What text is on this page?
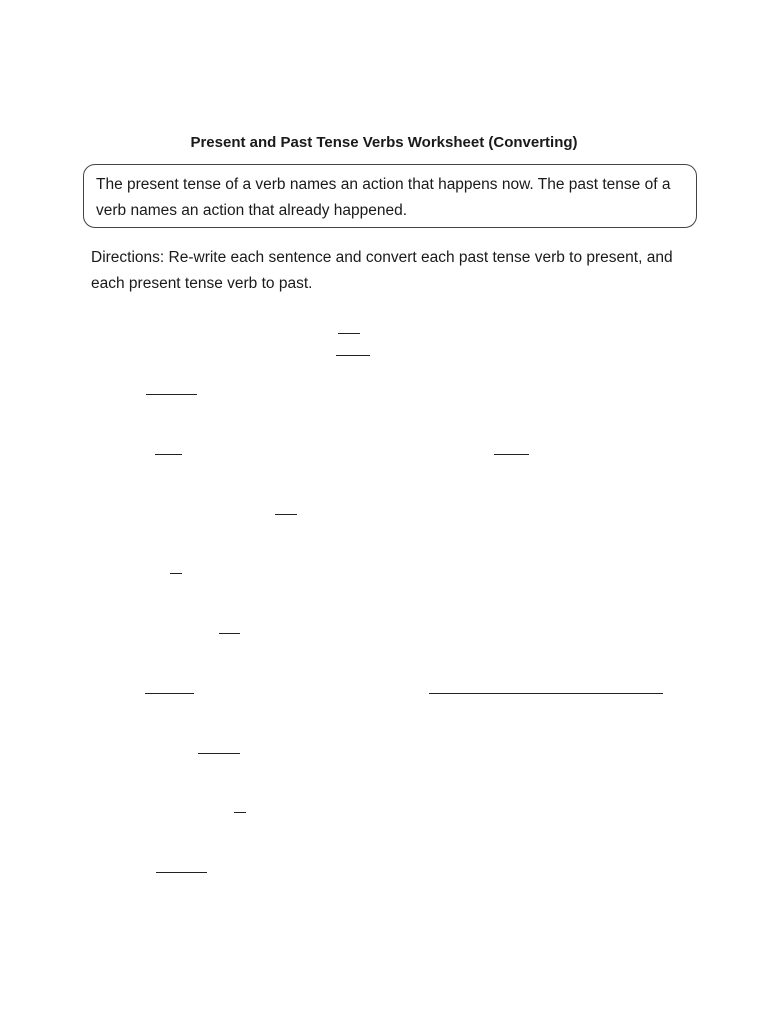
Present and Past Tense Verbs Worksheet (Converting)
The present tense of a verb names an action that happens now. The past tense of a verb names an action that already happened.
Directions: Re-write each sentence and convert each past tense verb to present, and each present tense verb to past.
